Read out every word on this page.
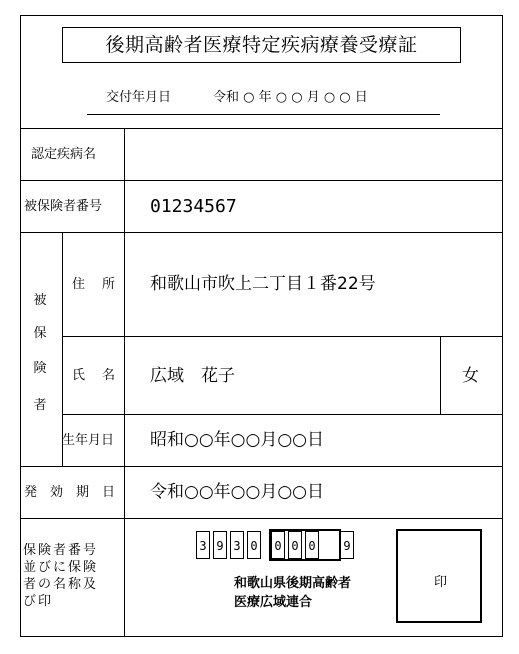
後期高齢者医療特定疾病療養受療証
交付年月日	令和 ○ 年 ○ ○ 月 ○ ○ 日
認定疾病名
被保険者番号	01234567
被
保
険
者
住　所 和歌山市吹上二丁目１番22号
氏　名 広域　花子	女
生年月日 昭和○○年○○月○○日
発　効　期　日 令和○○年○○月○○日
保険者番号
並びに保険
者の名称及
び印
3 9 3 0 0 0 0 9
和歌山県後期高齢者
医療広域連合
印
